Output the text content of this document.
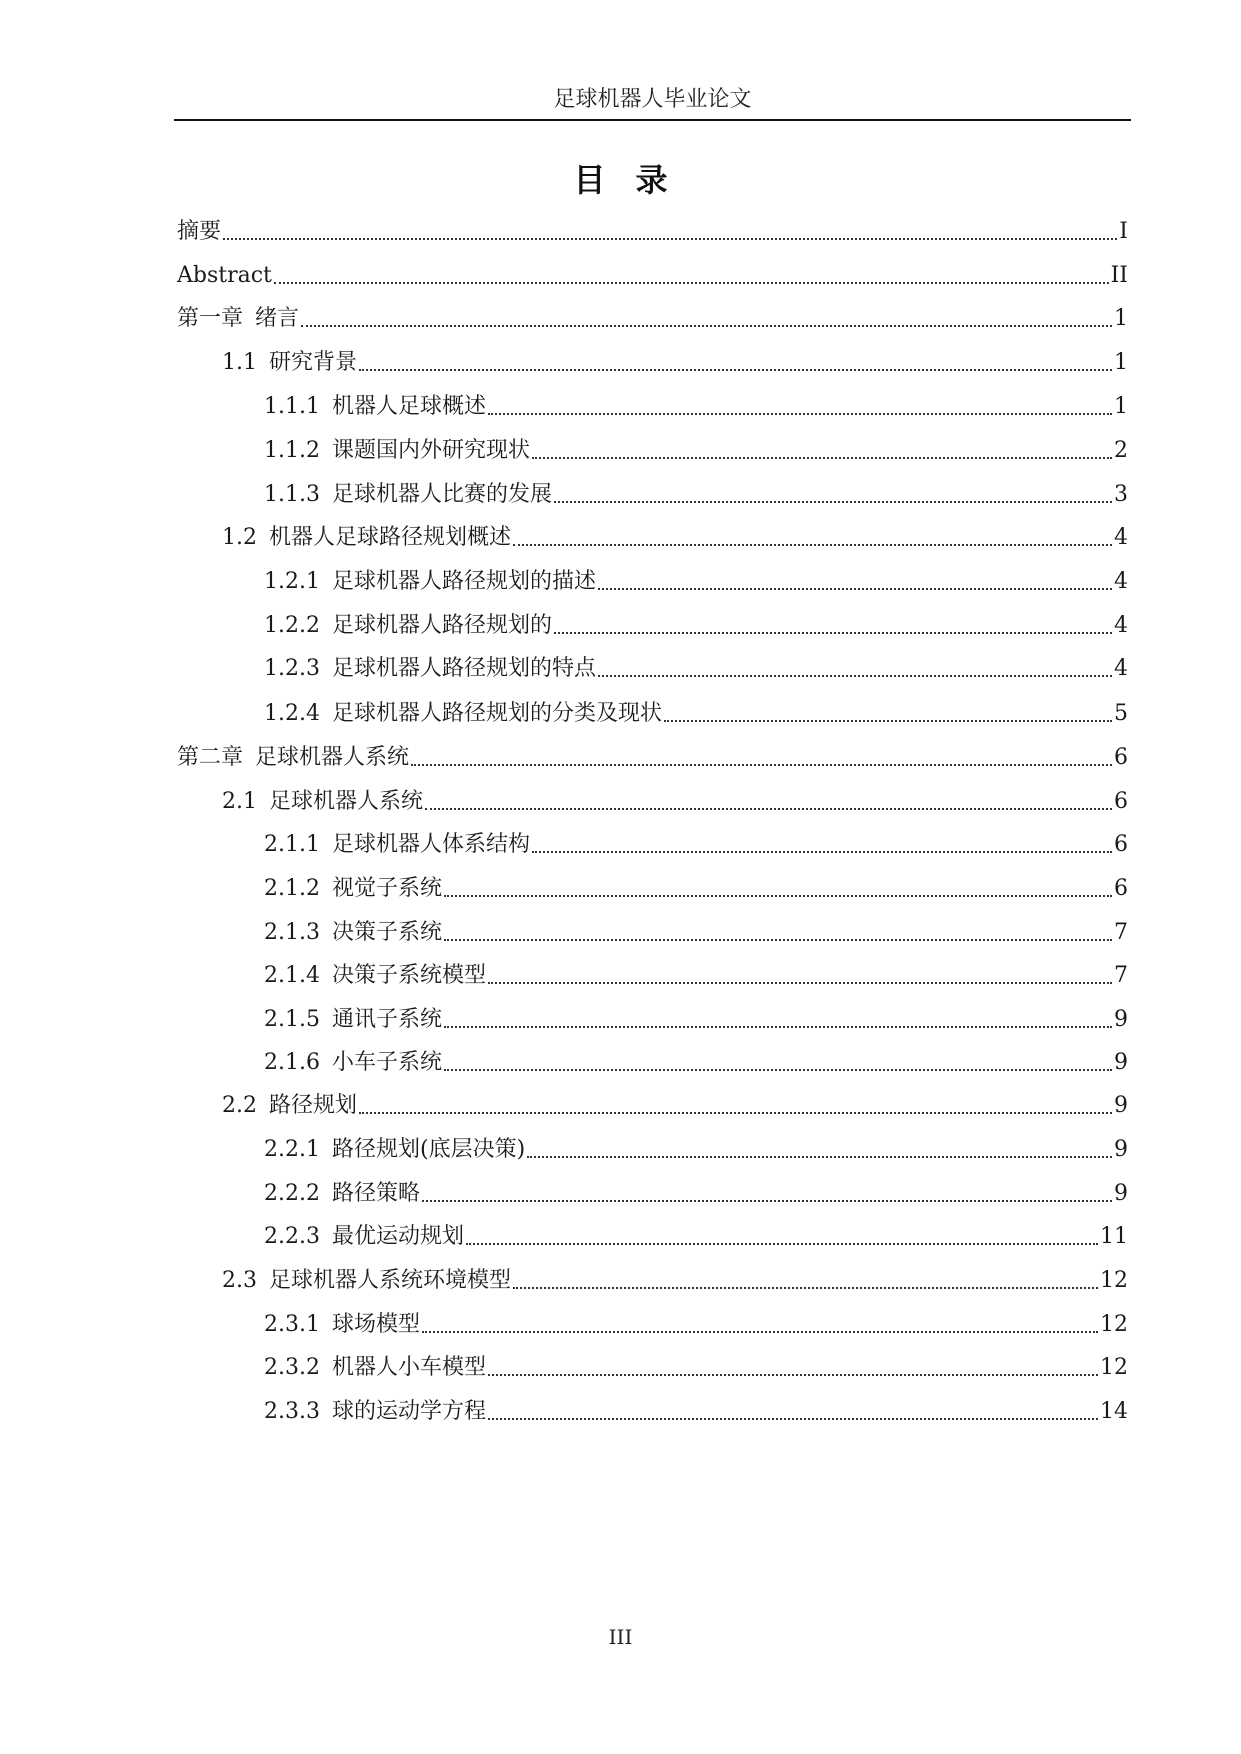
足球机器人毕业论文
目录
摘要	I
Abstract	II
第一章 绪言	1
1.1 研究背景	1
1.1.1 机器人足球概述	1
1.1.2 课题国内外研究现状	2
1.1.3 足球机器人比赛的发展	3
1.2 机器人足球路径规划概述	4
1.2.1 足球机器人路径规划的描述	4
1.2.2 足球机器人路径规划的	4
1.2.3 足球机器人路径规划的特点	4
1.2.4 足球机器人路径规划的分类及现状	5
第二章 足球机器人系统	6
2.1 足球机器人系统	6
2.1.1 足球机器人体系结构	6
2.1.2 视觉子系统	6
2.1.3 决策子系统	7
2.1.4 决策子系统模型	7
2.1.5 通讯子系统	9
2.1.6 小车子系统	9
2.2 路径规划	9
2.2.1 路径规划(底层决策)	9
2.2.2 路径策略	9
2.2.3 最优运动规划	11
2.3 足球机器人系统环境模型	12
2.3.1 球场模型	12
2.3.2 机器人小车模型	12
2.3.3 球的运动学方程	14
III
